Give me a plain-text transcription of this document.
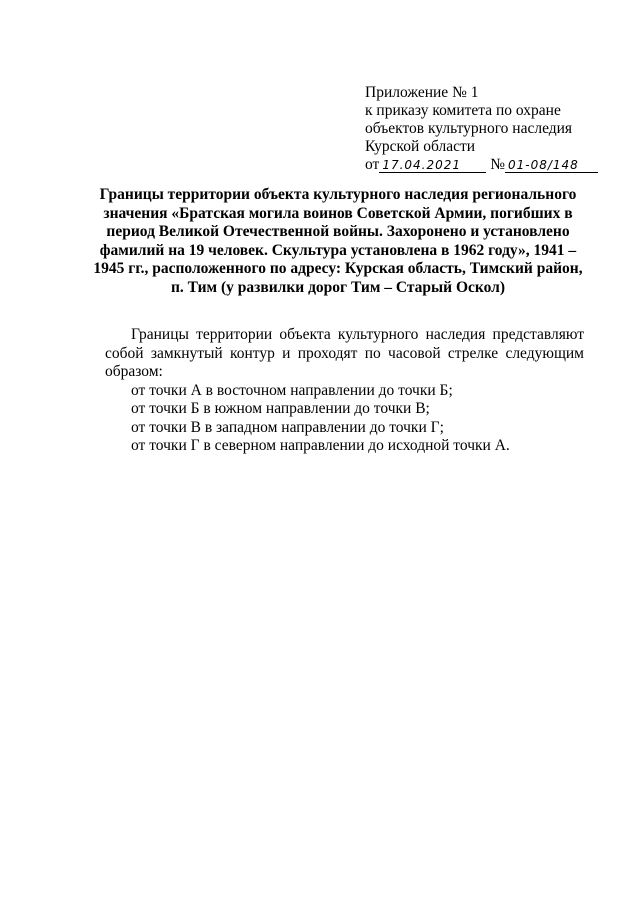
Приложение № 1
к приказу комитета по охране
объектов культурного наследия
Курской области
от 17.04.2021 № 01-08/148
Границы территории объекта культурного наследия регионального значения «Братская могила воинов Советской Армии, погибших в период Великой Отечественной войны. Захоронено и установлено фамилий на 19 человек. Скультура установлена в 1962 году», 1941 – 1945 гг., расположенного по адресу: Курская область, Тимский район, п. Тим (у развилки дорог Тим – Старый Оскол)

Границы территории объекта культурного наследия представляют собой замкнутый контур и проходят по часовой стрелке следующим образом:

от точки А в восточном направлении до точки Б;

от точки Б в южном направлении до точки В;

от точки В в западном направлении до точки Г;

от точки Г в северном направлении до исходной точки А.
